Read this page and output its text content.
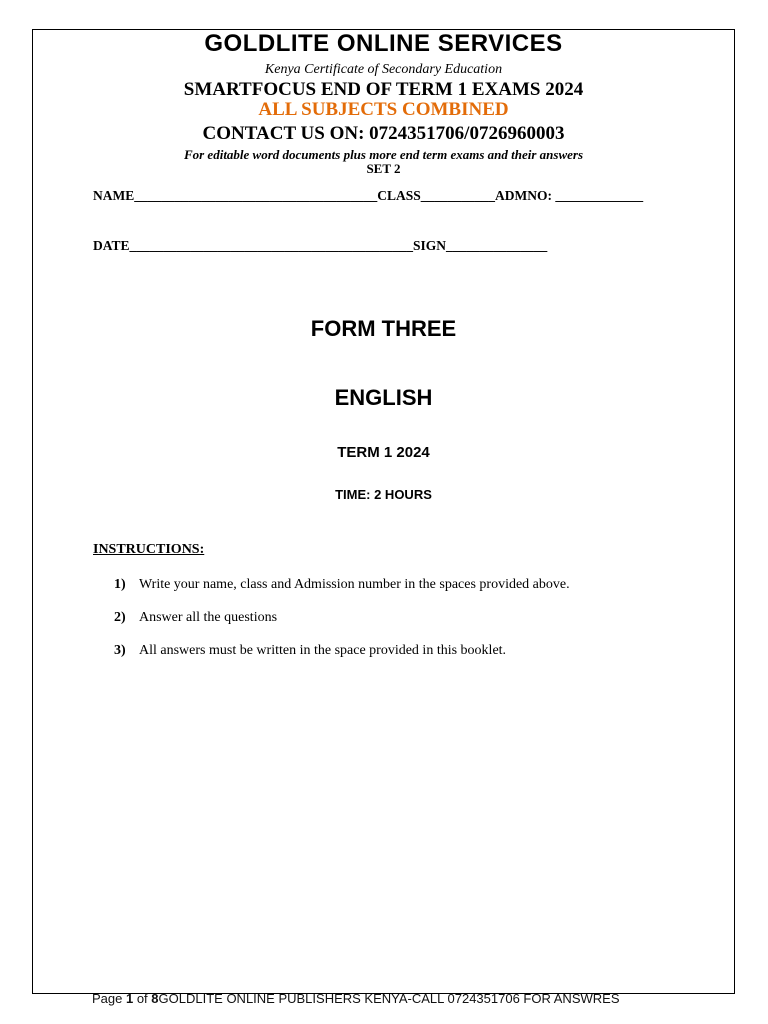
GOLDLITE ONLINE SERVICES
Kenya Certificate of Secondary Education
SMARTFOCUS END OF TERM 1 EXAMS 2024
ALL SUBJECTS COMBINED
CONTACT US ON: 0724351706/0726960003
For editable word documents plus more end term exams and their answers
SET 2
NAME____________________________________CLASS___________ADMNO: _____________
DATE__________________________________________SIGN_______________
FORM THREE
ENGLISH
TERM 1 2024
TIME: 2 HOURS
INSTRUCTIONS:
1) Write your name, class and Admission number in the spaces provided above.
2) Answer all the questions
3) All answers must be written in the space provided in this booklet.
Page 1 of 8GOLDLITE ONLINE PUBLISHERS KENYA-CALL 0724351706 FOR ANSWRES
